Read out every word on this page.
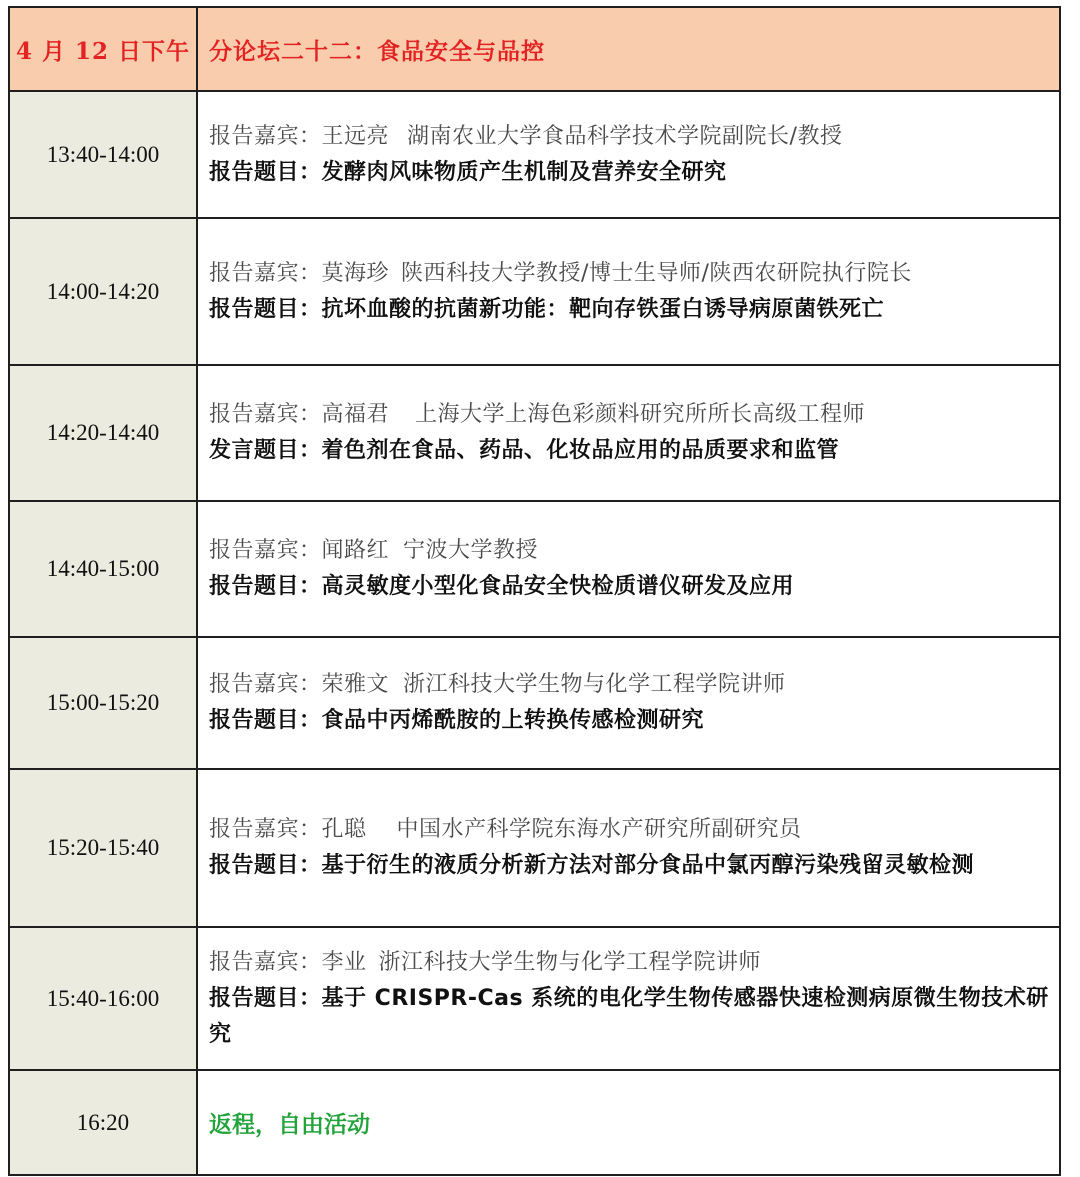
4 月 12 日下午	分论坛二十二：食品安全与品控
13:40-14:00	报告嘉宾：王远亮 湖南农业大学食品科学技术学院副院长/教授
报告题目：发酵肉风味物质产生机制及营养安全研究

14:00-14:20	报告嘉宾：莫海珍 陕西科技大学教授/博士生导师/陕西农研院执行院长
报告题目：抗坏血酸的抗菌新功能：靶向存铁蛋白诱导病原菌铁死亡

14:20-14:40	报告嘉宾：高福君 上海大学上海色彩颜料研究所所长高级工程师
发言题目：着色剂在食品、药品、化妆品应用的品质要求和监管

14:40-15:00	报告嘉宾：闻路红 宁波大学教授
报告题目：高灵敏度小型化食品安全快检质谱仪研发及应用

15:00-15:20	报告嘉宾：荣雅文 浙江科技大学生物与化学工程学院讲师
报告题目：食品中丙烯酰胺的上转换传感检测研究

15:20-15:40	报告嘉宾：孔聪 中国水产科学院东海水产研究所副研究员
报告题目：基于衍生的液质分析新方法对部分食品中氯丙醇污染残留灵敏检测

15:40-16:00	报告嘉宾：李业 浙江科技大学生物与化学工程学院讲师
报告题目：基于 CRISPR-Cas 系统的电化学生物传感器快速检测病原微生物技术研究

16:20	返程，自由活动
